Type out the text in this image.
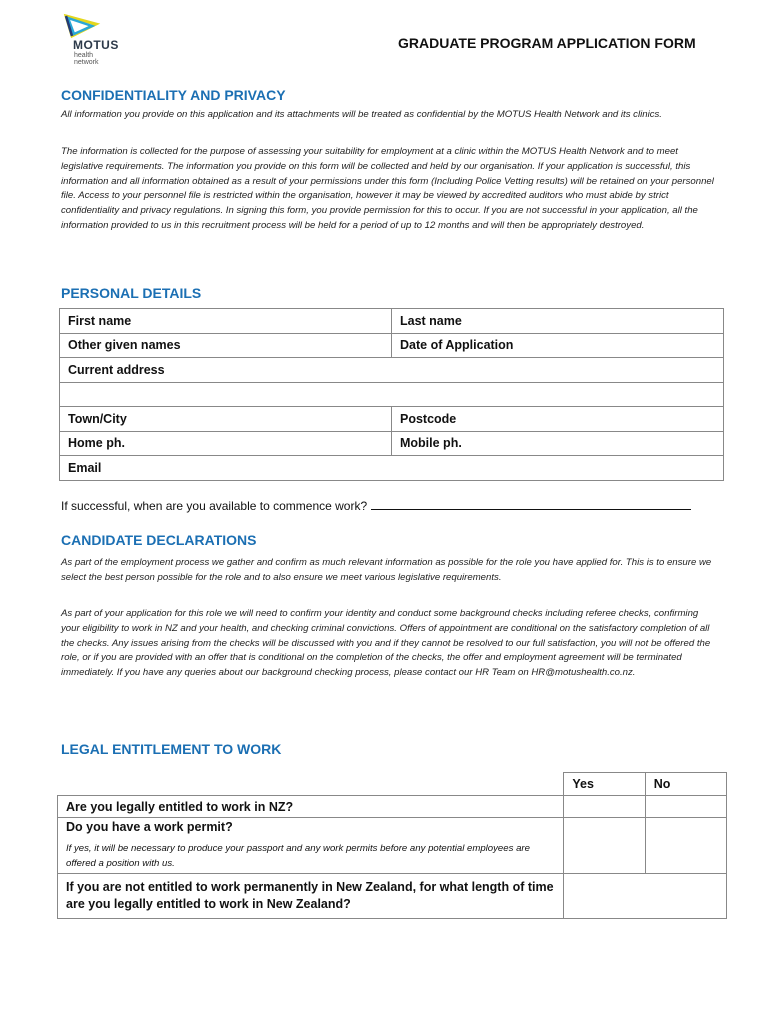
MOTUS
health
network
GRADUATE PROGRAM APPLICATION FORM
CONFIDENTIALITY AND PRIVACY

All information you provide on this application and its attachments will be treated as confidential by the MOTUS Health Network and its clinics.

The information is collected for the purpose of assessing your suitability for employment at a clinic within the MOTUS Health Network and to meet legislative requirements. The information you provide on this form will be collected and held by our organisation. If your application is successful, this information and all information obtained as a result of your permissions under this form (Including Police Vetting results) will be retained on your personnel file. Access to your personnel file is restricted within the organisation, however it may be viewed by accredited auditors who must abide by strict confidentiality and privacy regulations. In signing this form, you provide permission for this to occur. If you are not successful in your application, all the information provided to us in this recruitment process will be held for a period of up to 12 months and will then be appropriately destroyed.

PERSONAL DETAILS
First name	Last name
Other given names	Date of Application
Current address	

Town/City	Postcode
Home ph.	Mobile ph.
Email	
If successful, when are you available to commence work?
CANDIDATE DECLARATIONS

As part of the employment process we gather and confirm as much relevant information as possible for the role you have applied for. This is to ensure we select the best person possible for the role and to also ensure we meet various legislative requirements.

As part of your application for this role we will need to confirm your identity and conduct some background checks including referee checks, confirming your eligibility to work in NZ and your health, and checking criminal convictions. Offers of appointment are conditional on the satisfactory completion of all the checks. Any issues arising from the checks will be discussed with you and if they cannot be resolved to our full satisfaction, you will not be offered the role, or if you are provided with an offer that is conditional on the completion of the checks, the offer and employment agreement will be terminated immediately. If you have any queries about our background checking process, please contact our HR Team on HR@motushealth.co.nz.

LEGAL ENTITLEMENT TO WORK
	Yes	No
Are you legally entitled to work in NZ?		

Do you have a work permit?
If yes, it will be necessary to produce your passport and any work permits before any potential employees are offered a position with us.		

If you are not entitled to work permanently in New Zealand, for what length of time are you legally entitled to work in New Zealand?		
